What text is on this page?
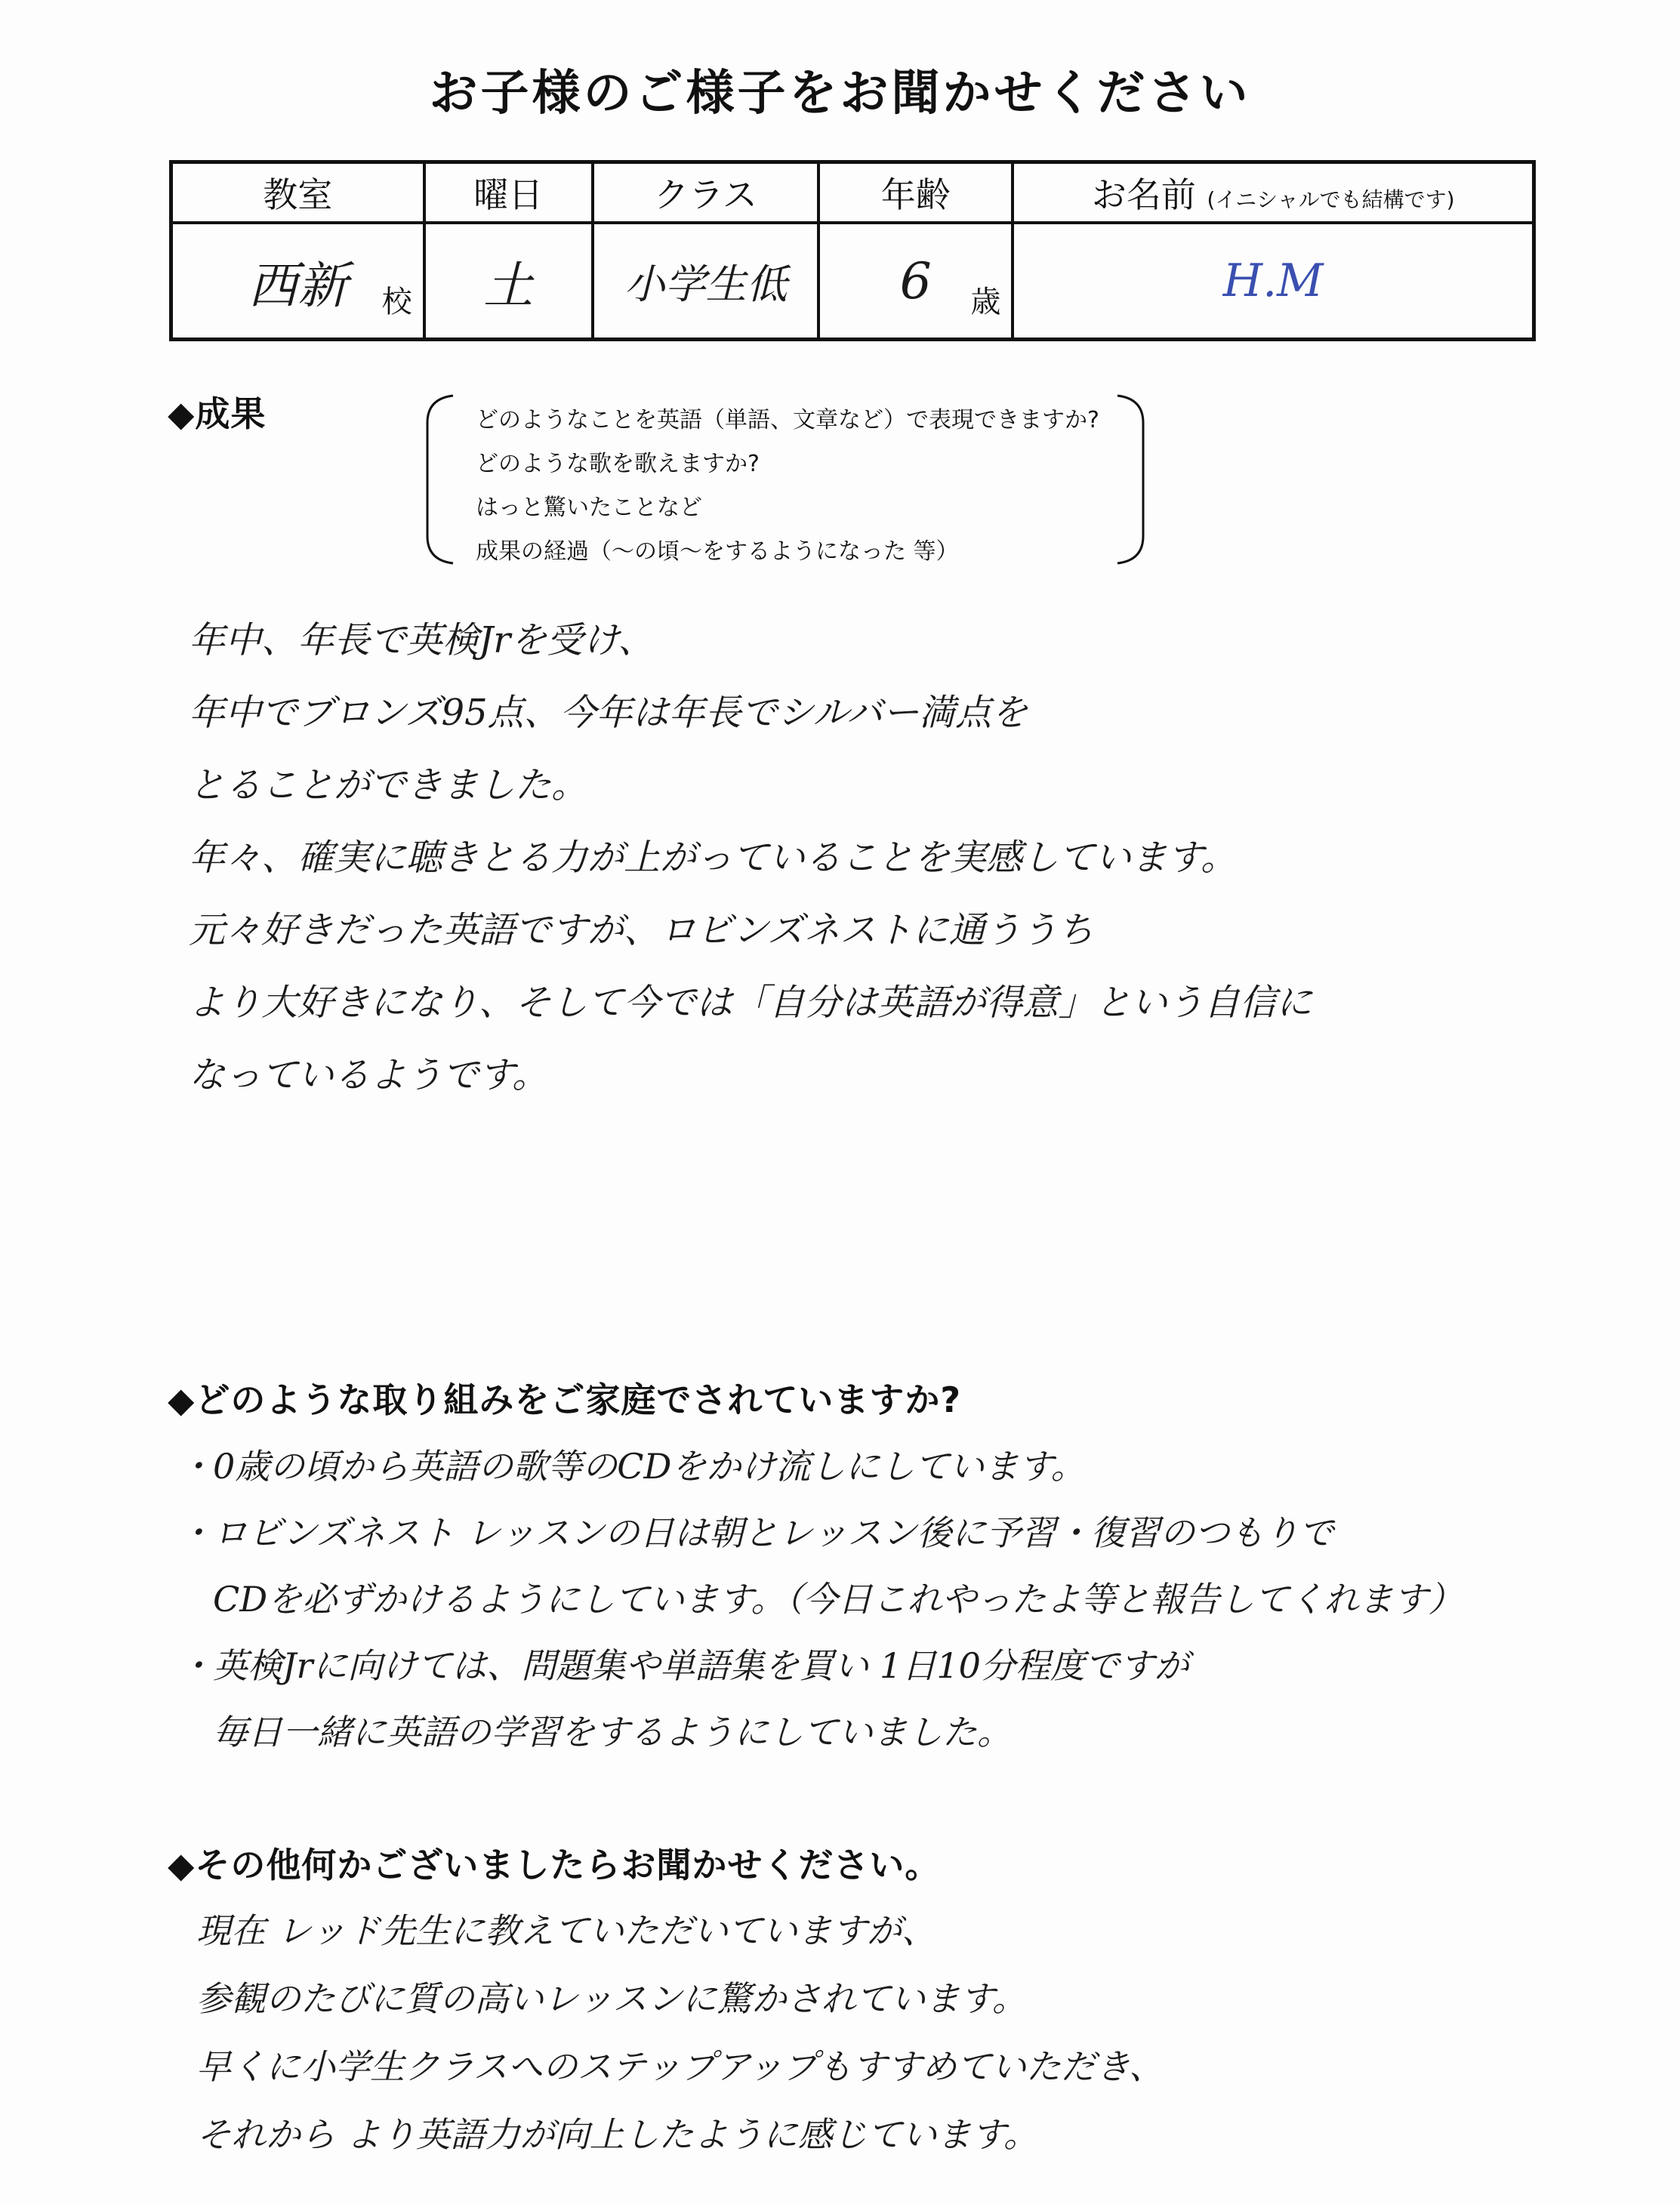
お子様のご様子をお聞かせください
教室	曜日	クラス	年齢	お名前 (イニシャルでも結構です)
西新 校	土	小学生低	6 歳	H.M
◆成果	どのようなことを英語（単語、文章など）で表現できますか?
どのような歌を歌えますか?
はっと驚いたことなど
成果の経過（～の頃～をするようになった 等）
年中、年長で英検Jrを受け、
年中でブロンズ95点、今年は年長でシルバー満点を
とることができました。
年々、確実に聴きとる力が上がっていることを実感しています。
元々好きだった英語ですが、ロビンズネストに通ううち
より大好きになり、そして今では「自分は英語が得意」という自信に
なっているようです。
◆どのような取り組みをご家庭でされていますか?
・ 0歳の頃から英語の歌等のCDをかけ流しにしています。
・ ロビンズネスト レッスンの日は朝とレッスン後に予習・復習のつもりで
CDを必ずかけるようにしています。（今日これやったよ等と報告してくれます）
・ 英検Jrに向けては、問題集や単語集を買い 1日10分程度ですが
毎日一緒に英語の学習をするようにしていました。
◆その他何かございましたらお聞かせください。
現在 レッド先生に教えていただいていますが、
参観のたびに質の高いレッスンに驚かされています。
早くに小学生クラスへのステップアップもすすめていただき、
それから より英語力が向上したように感じています。
